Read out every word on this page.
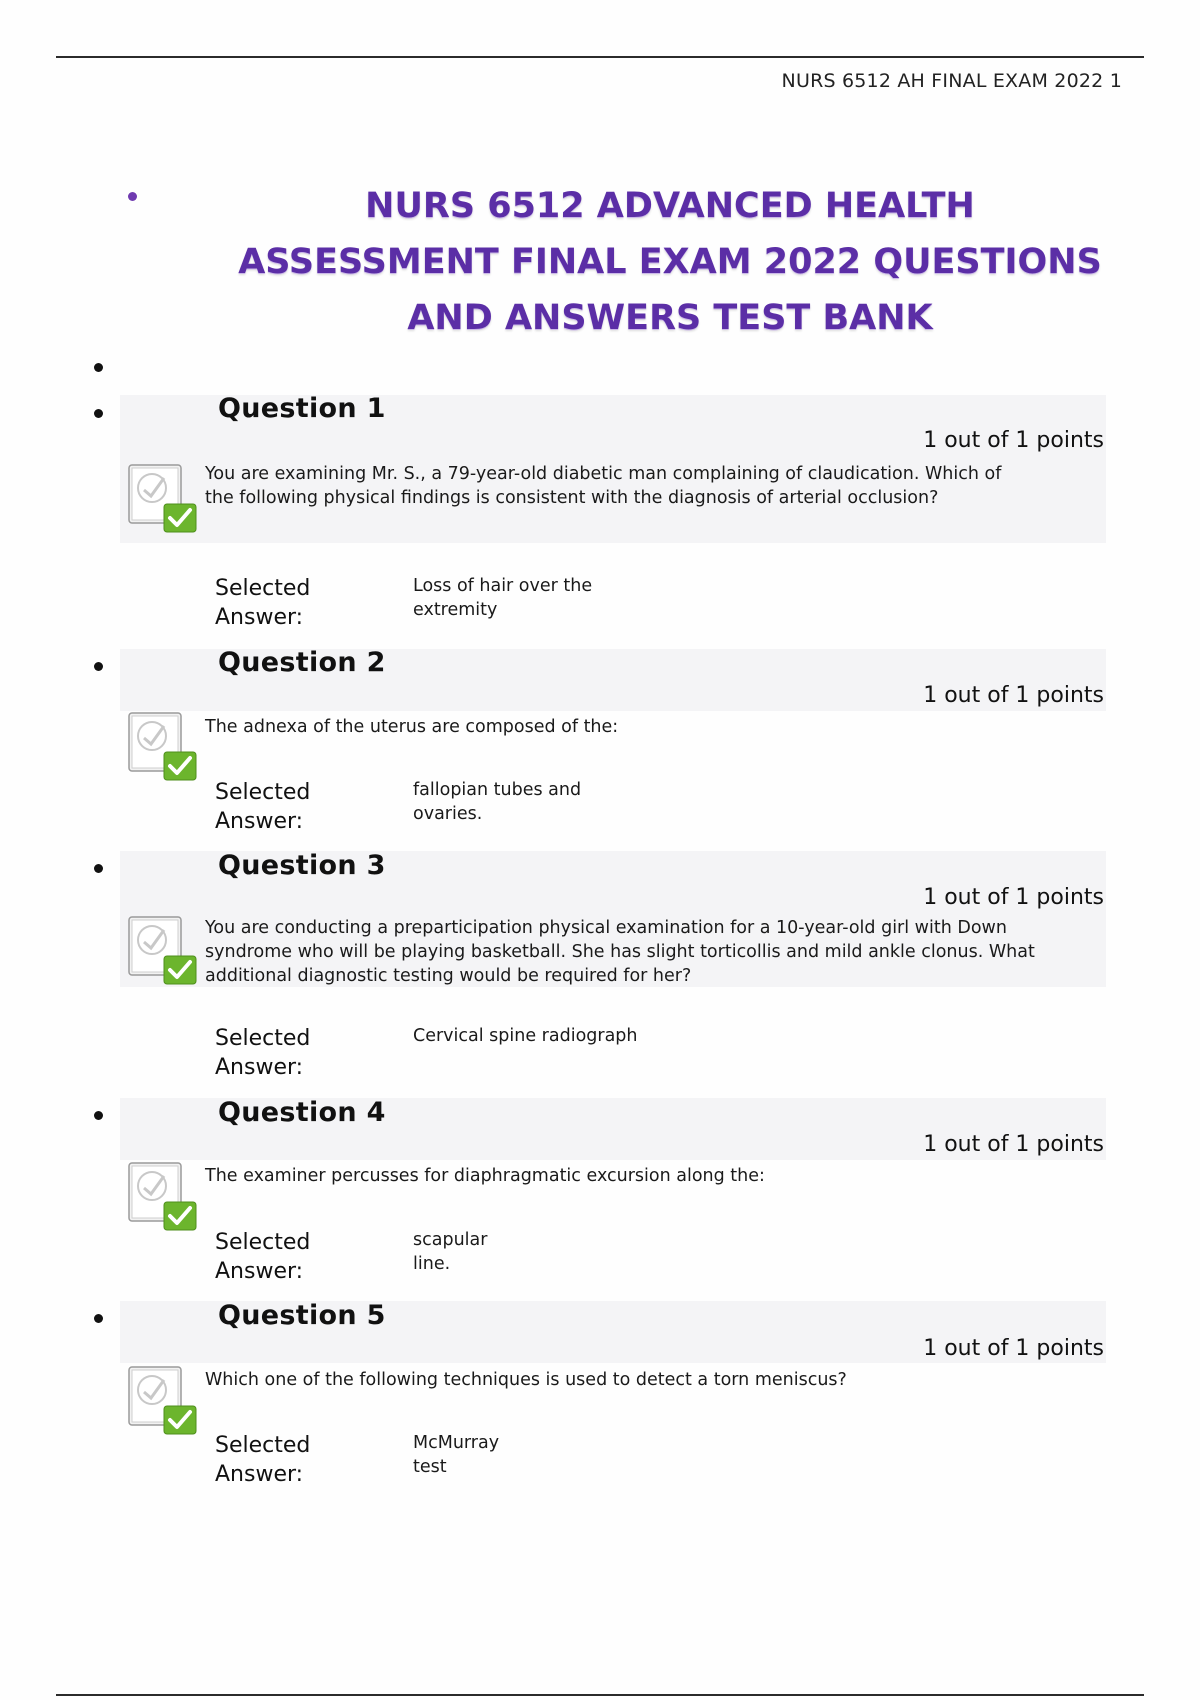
NURS 6512 AH FINAL EXAM 2022 1
NURS 6512 ADVANCED HEALTH ASSESSMENT FINAL EXAM 2022 QUESTIONS AND ANSWERS TEST BANK
Question 1
1 out of 1 points
You are examining Mr. S., a 79-year-old diabetic man complaining of claudication. Which of the following physical findings is consistent with the diagnosis of arterial occlusion?
Selected Answer:
Loss of hair over the extremity
Question 2
1 out of 1 points
The adnexa of the uterus are composed of the:
Selected Answer:
fallopian tubes and ovaries.
Question 3
1 out of 1 points
You are conducting a preparticipation physical examination for a 10-year-old girl with Down syndrome who will be playing basketball. She has slight torticollis and mild ankle clonus. What additional diagnostic testing would be required for her?
Selected Answer:
Cervical spine radiograph
Question 4
1 out of 1 points
The examiner percusses for diaphragmatic excursion along the:
Selected Answer:
scapular line.
Question 5
1 out of 1 points
Which one of the following techniques is used to detect a torn meniscus?
Selected Answer:
McMurray test
